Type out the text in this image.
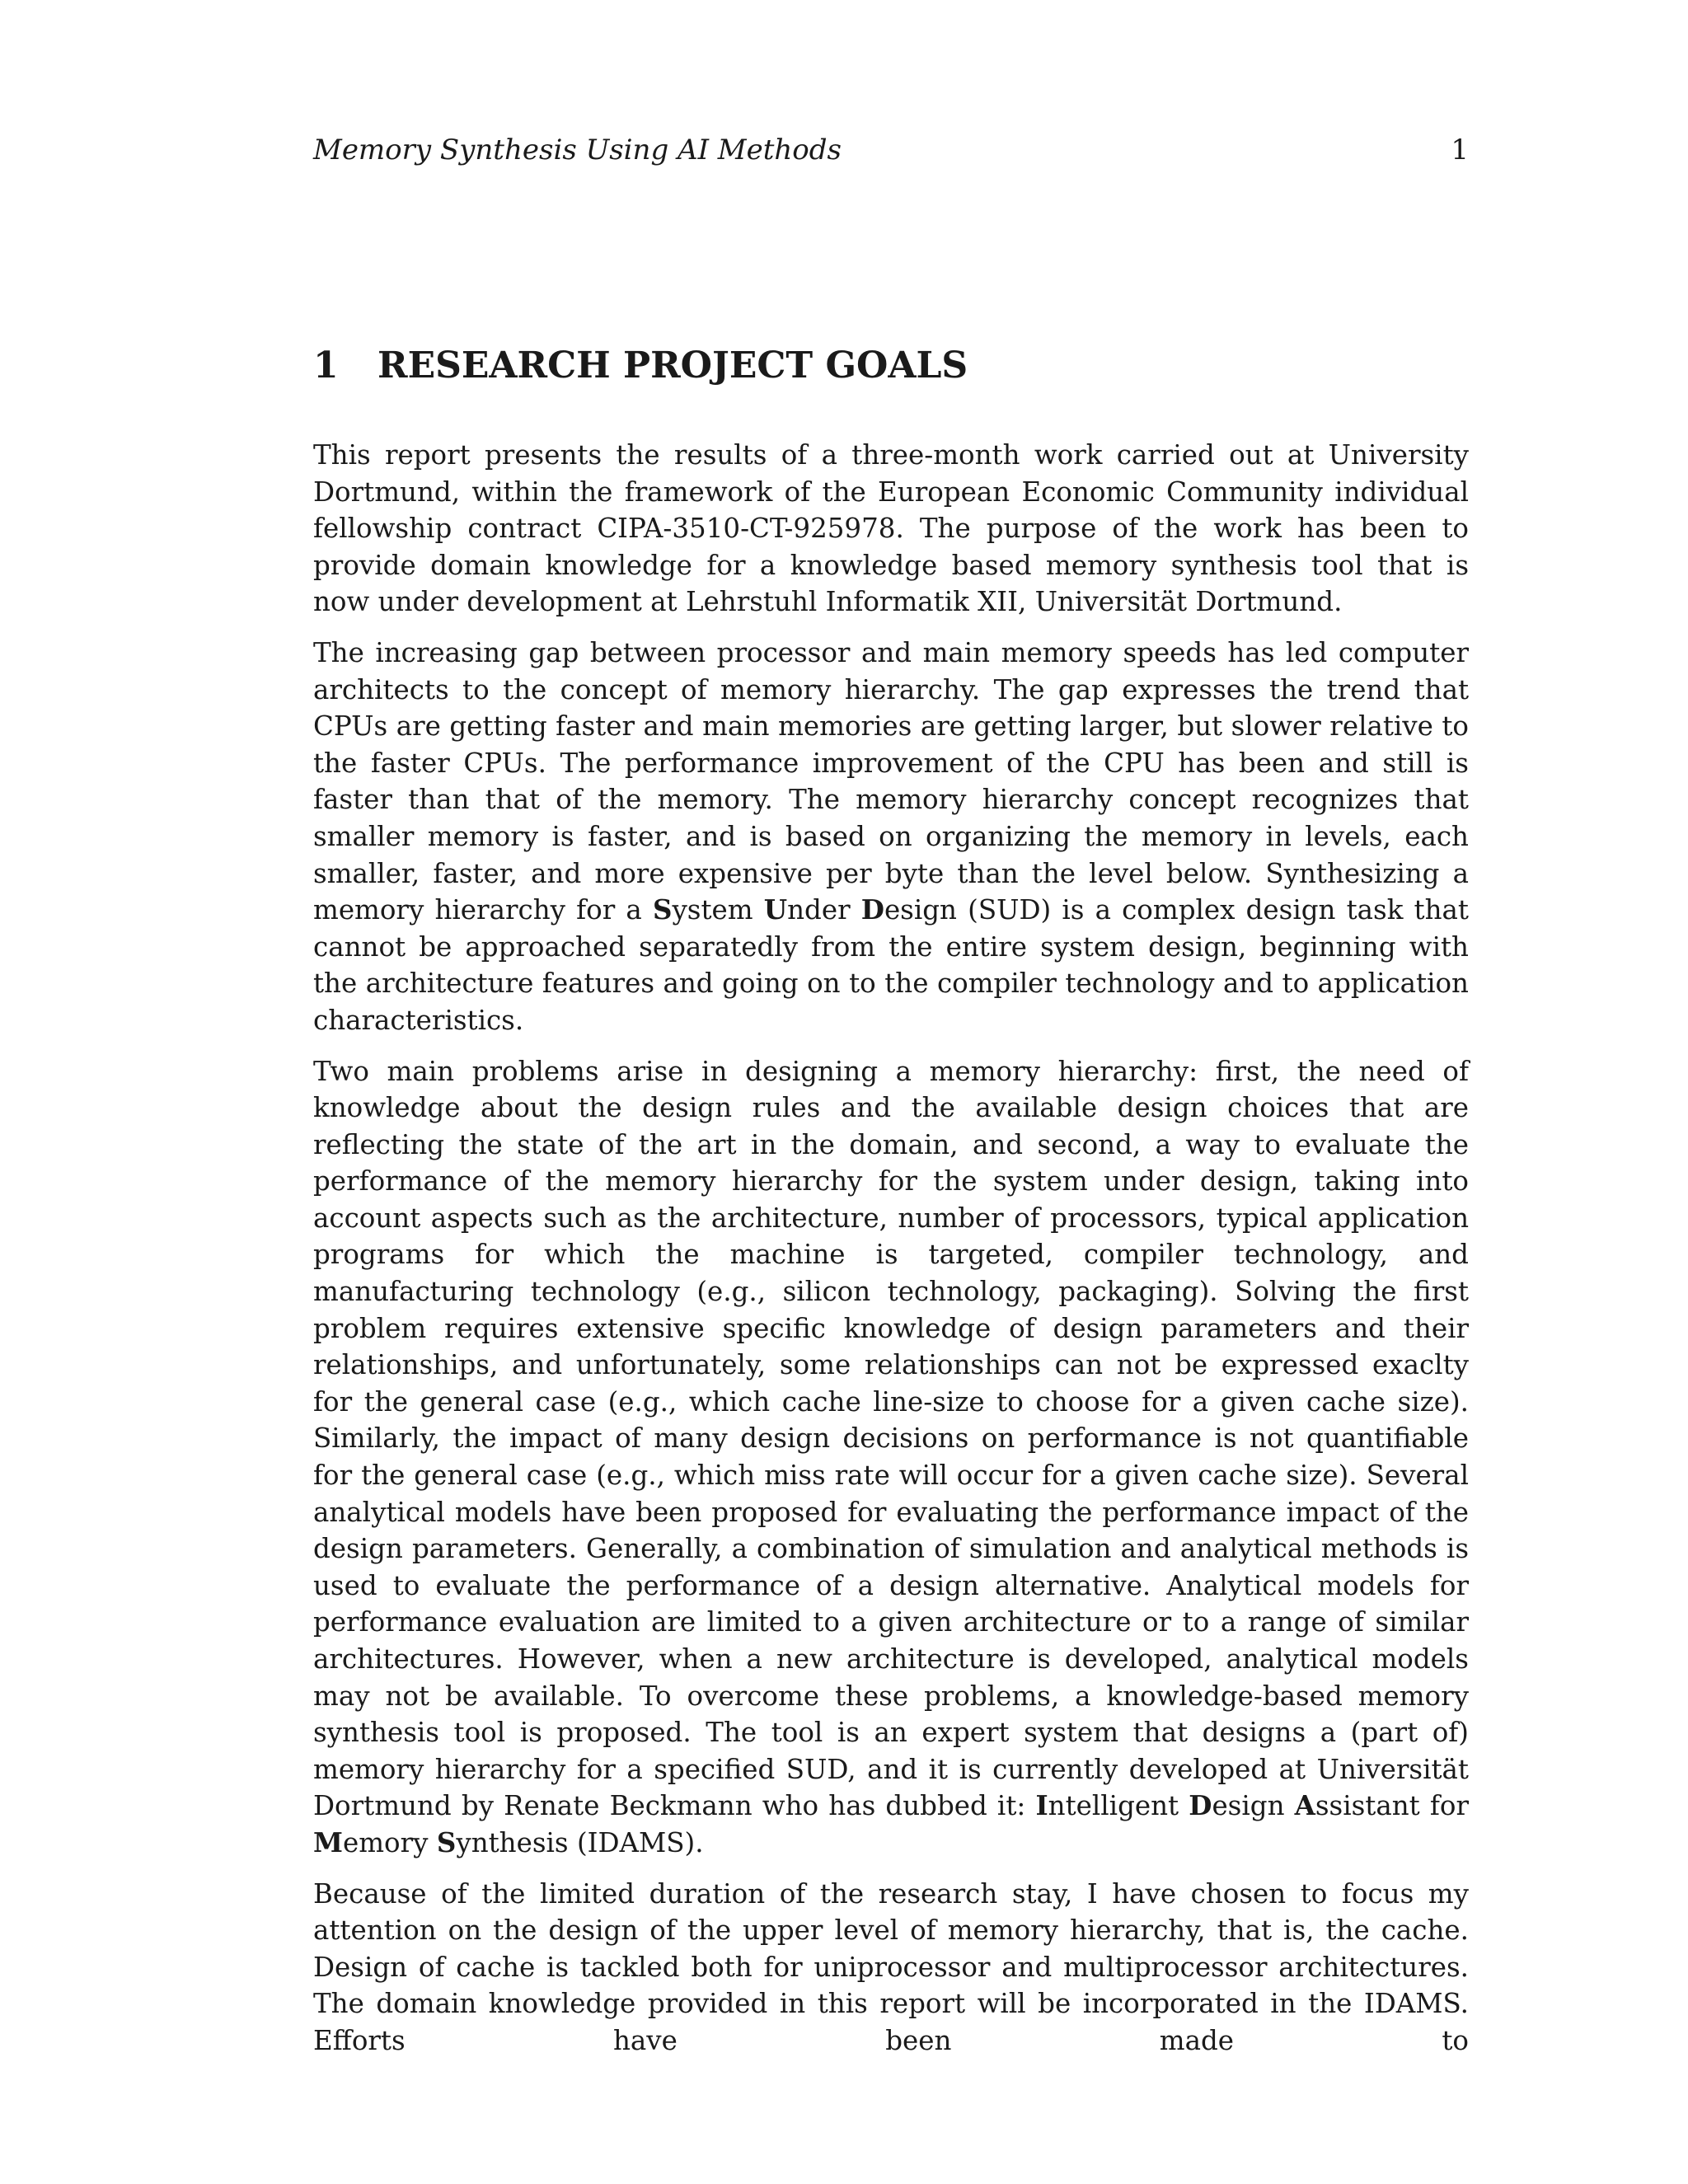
Memory Synthesis Using AI Methods	1
1 RESEARCH PROJECT GOALS

This report presents the results of a three-month work carried out at University Dortmund, within the framework of the European Economic Community individual fellowship contract CIPA-3510-CT-925978. The purpose of the work has been to provide domain knowledge for a knowledge based memory synthesis tool that is now under development at Lehrstuhl Informatik XII, Universität Dortmund.

The increasing gap between processor and main memory speeds has led computer architects to the concept of memory hierarchy. The gap expresses the trend that CPUs are getting faster and main memories are getting larger, but slower relative to the faster CPUs. The performance improvement of the CPU has been and still is faster than that of the memory. The memory hierarchy concept recognizes that smaller memory is faster, and is based on organizing the memory in levels, each smaller, faster, and more expensive per byte than the level below. Synthesizing a memory hierarchy for a System Under Design (SUD) is a complex design task that cannot be approached separatedly from the entire system design, beginning with the architecture features and going on to the compiler technology and to application characteristics.

Two main problems arise in designing a memory hierarchy: first, the need of knowledge about the design rules and the available design choices that are reflecting the state of the art in the domain, and second, a way to evaluate the performance of the memory hierarchy for the system under design, taking into account aspects such as the architecture, number of processors, typical application programs for which the machine is targeted, compiler technology, and manufacturing technology (e.g., silicon technology, packaging). Solving the first problem requires extensive specific knowledge of design parameters and their relationships, and unfortunately, some relationships can not be expressed exaclty for the general case (e.g., which cache line-size to choose for a given cache size). Similarly, the impact of many design decisions on performance is not quantifiable for the general case (e.g., which miss rate will occur for a given cache size). Several analytical models have been proposed for evaluating the performance impact of the design parameters. Generally, a combination of simulation and analytical methods is used to evaluate the performance of a design alternative. Analytical models for performance evaluation are limited to a given architecture or to a range of similar architectures. However, when a new architecture is developed, analytical models may not be available. To overcome these problems, a knowledge-based memory synthesis tool is proposed. The tool is an expert system that designs a (part of) memory hierarchy for a specified SUD, and it is currently developed at Universität Dortmund by Renate Beckmann who has dubbed it: Intelligent Design Assistant for Memory Synthesis (IDAMS).

Because of the limited duration of the research stay, I have chosen to focus my attention on the design of the upper level of memory hierarchy, that is, the cache. Design of cache is tackled both for uniprocessor and multiprocessor architectures. The domain knowledge provided in this report will be incorporated in the IDAMS. Efforts have been made to
